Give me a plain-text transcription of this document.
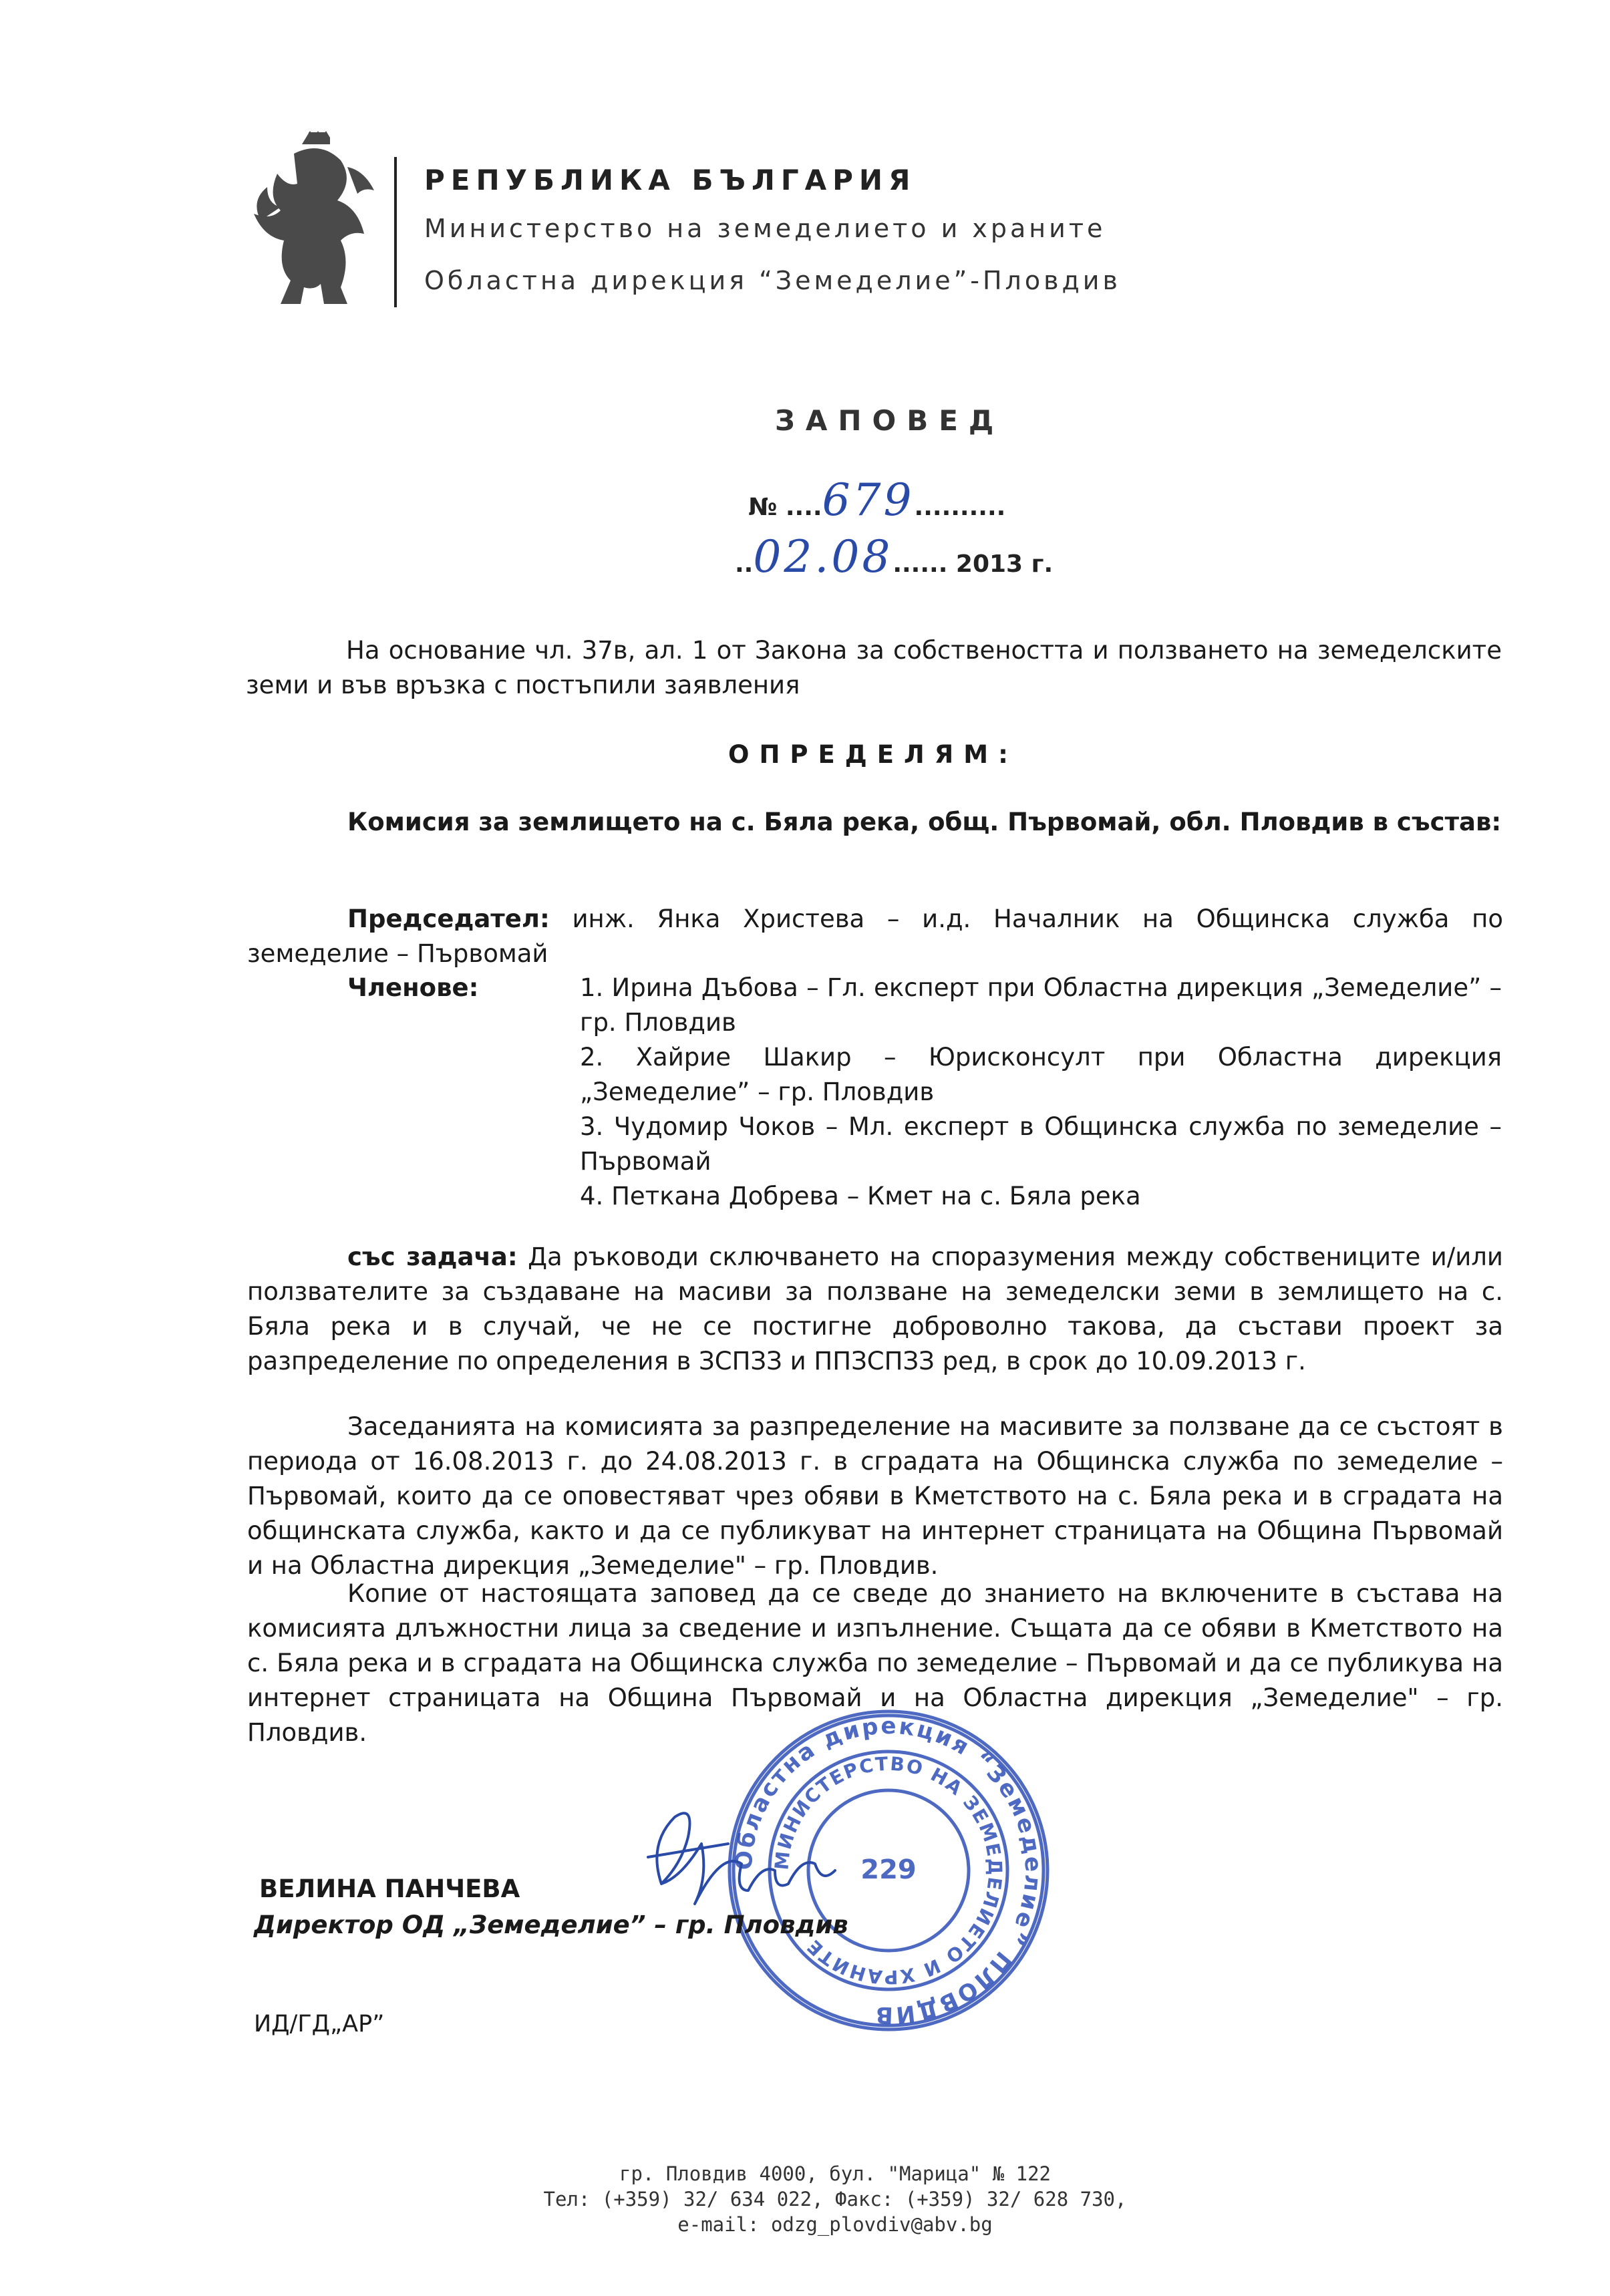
РЕПУБЛИКА БЪЛГАРИЯ
Министерство на земеделието и храните
Областна дирекция “Земеделие”-Пловдив
ЗАПОВЕД
№ ....679..........
..02.08...... 2013 г.
На основание чл. 37в, ал. 1 от Закона за собствеността и ползването на земеделските земи и във връзка с постъпили заявления
ОПРЕДЕЛЯМ:
Комисия за землището на с. Бяла река, общ. Първомай, обл. Пловдив в състав:
Председател: инж. Янка Христева – и.д. Началник на Общинска служба по земеделие – Първомай
Членове:	1. Ирина Дъбова – Гл. експерт при Областна дирекция „Земеделие” – гр. Пловдив
2. Хайрие Шакир – Юрисконсулт при Областна дирекция „Земеделие” – гр. Пловдив
3. Чудомир Чоков – Мл. експерт в Общинска служба по земеделие – Първомай
4. Петкана Добрева – Кмет на с. Бяла река
със задача: Да ръководи сключването на споразумения между собствениците и/или ползвателите за създаване на масиви за ползване на земеделски земи в землището на с. Бяла река и в случай, че не се постигне доброволно такова, да състави проект за разпределение по определения в ЗСПЗЗ и ППЗСПЗЗ ред, в срок до 10.09.2013 г.
Заседанията на комисията за разпределение на масивите за ползване да се състоят в периода от 16.08.2013 г. до 24.08.2013 г. в сградата на Общинска служба по земеделие – Първомай, които да се оповестяват чрез обяви в Кметството на с. Бяла река и в сградата на общинската служба, както и да се публикуват на интернет страницата на Община Първомай и на Областна дирекция „Земеделие" – гр. Пловдив.
Копие от настоящата заповед да се сведе до знанието на включените в състава на комисията длъжностни лица за сведение и изпълнение. Същата да се обяви в Кметството на с. Бяла река и в сградата на Общинска служба по земеделие – Първомай и да се публикува на интернет страницата на Община Първомай и на Областна дирекция „Земеделие" – гр. Пловдив.
Областна дирекция “Земеделие” ПЛОВДИВ
МИНИСТЕРСТВО НА ЗЕМЕДЕЛИЕТО И ХРАНИТЕ
229
ВЕЛИНА ПАНЧЕВА
Директор ОД „Земеделие” – гр. Пловдив
ИД/ГД„АР”
гр. Пловдив 4000, бул. "Марица" № 122
Тел: (+359) 32/ 634 022, Факс: (+359) 32/ 628 730,
e-mail: odzg_plovdiv@abv.bg
